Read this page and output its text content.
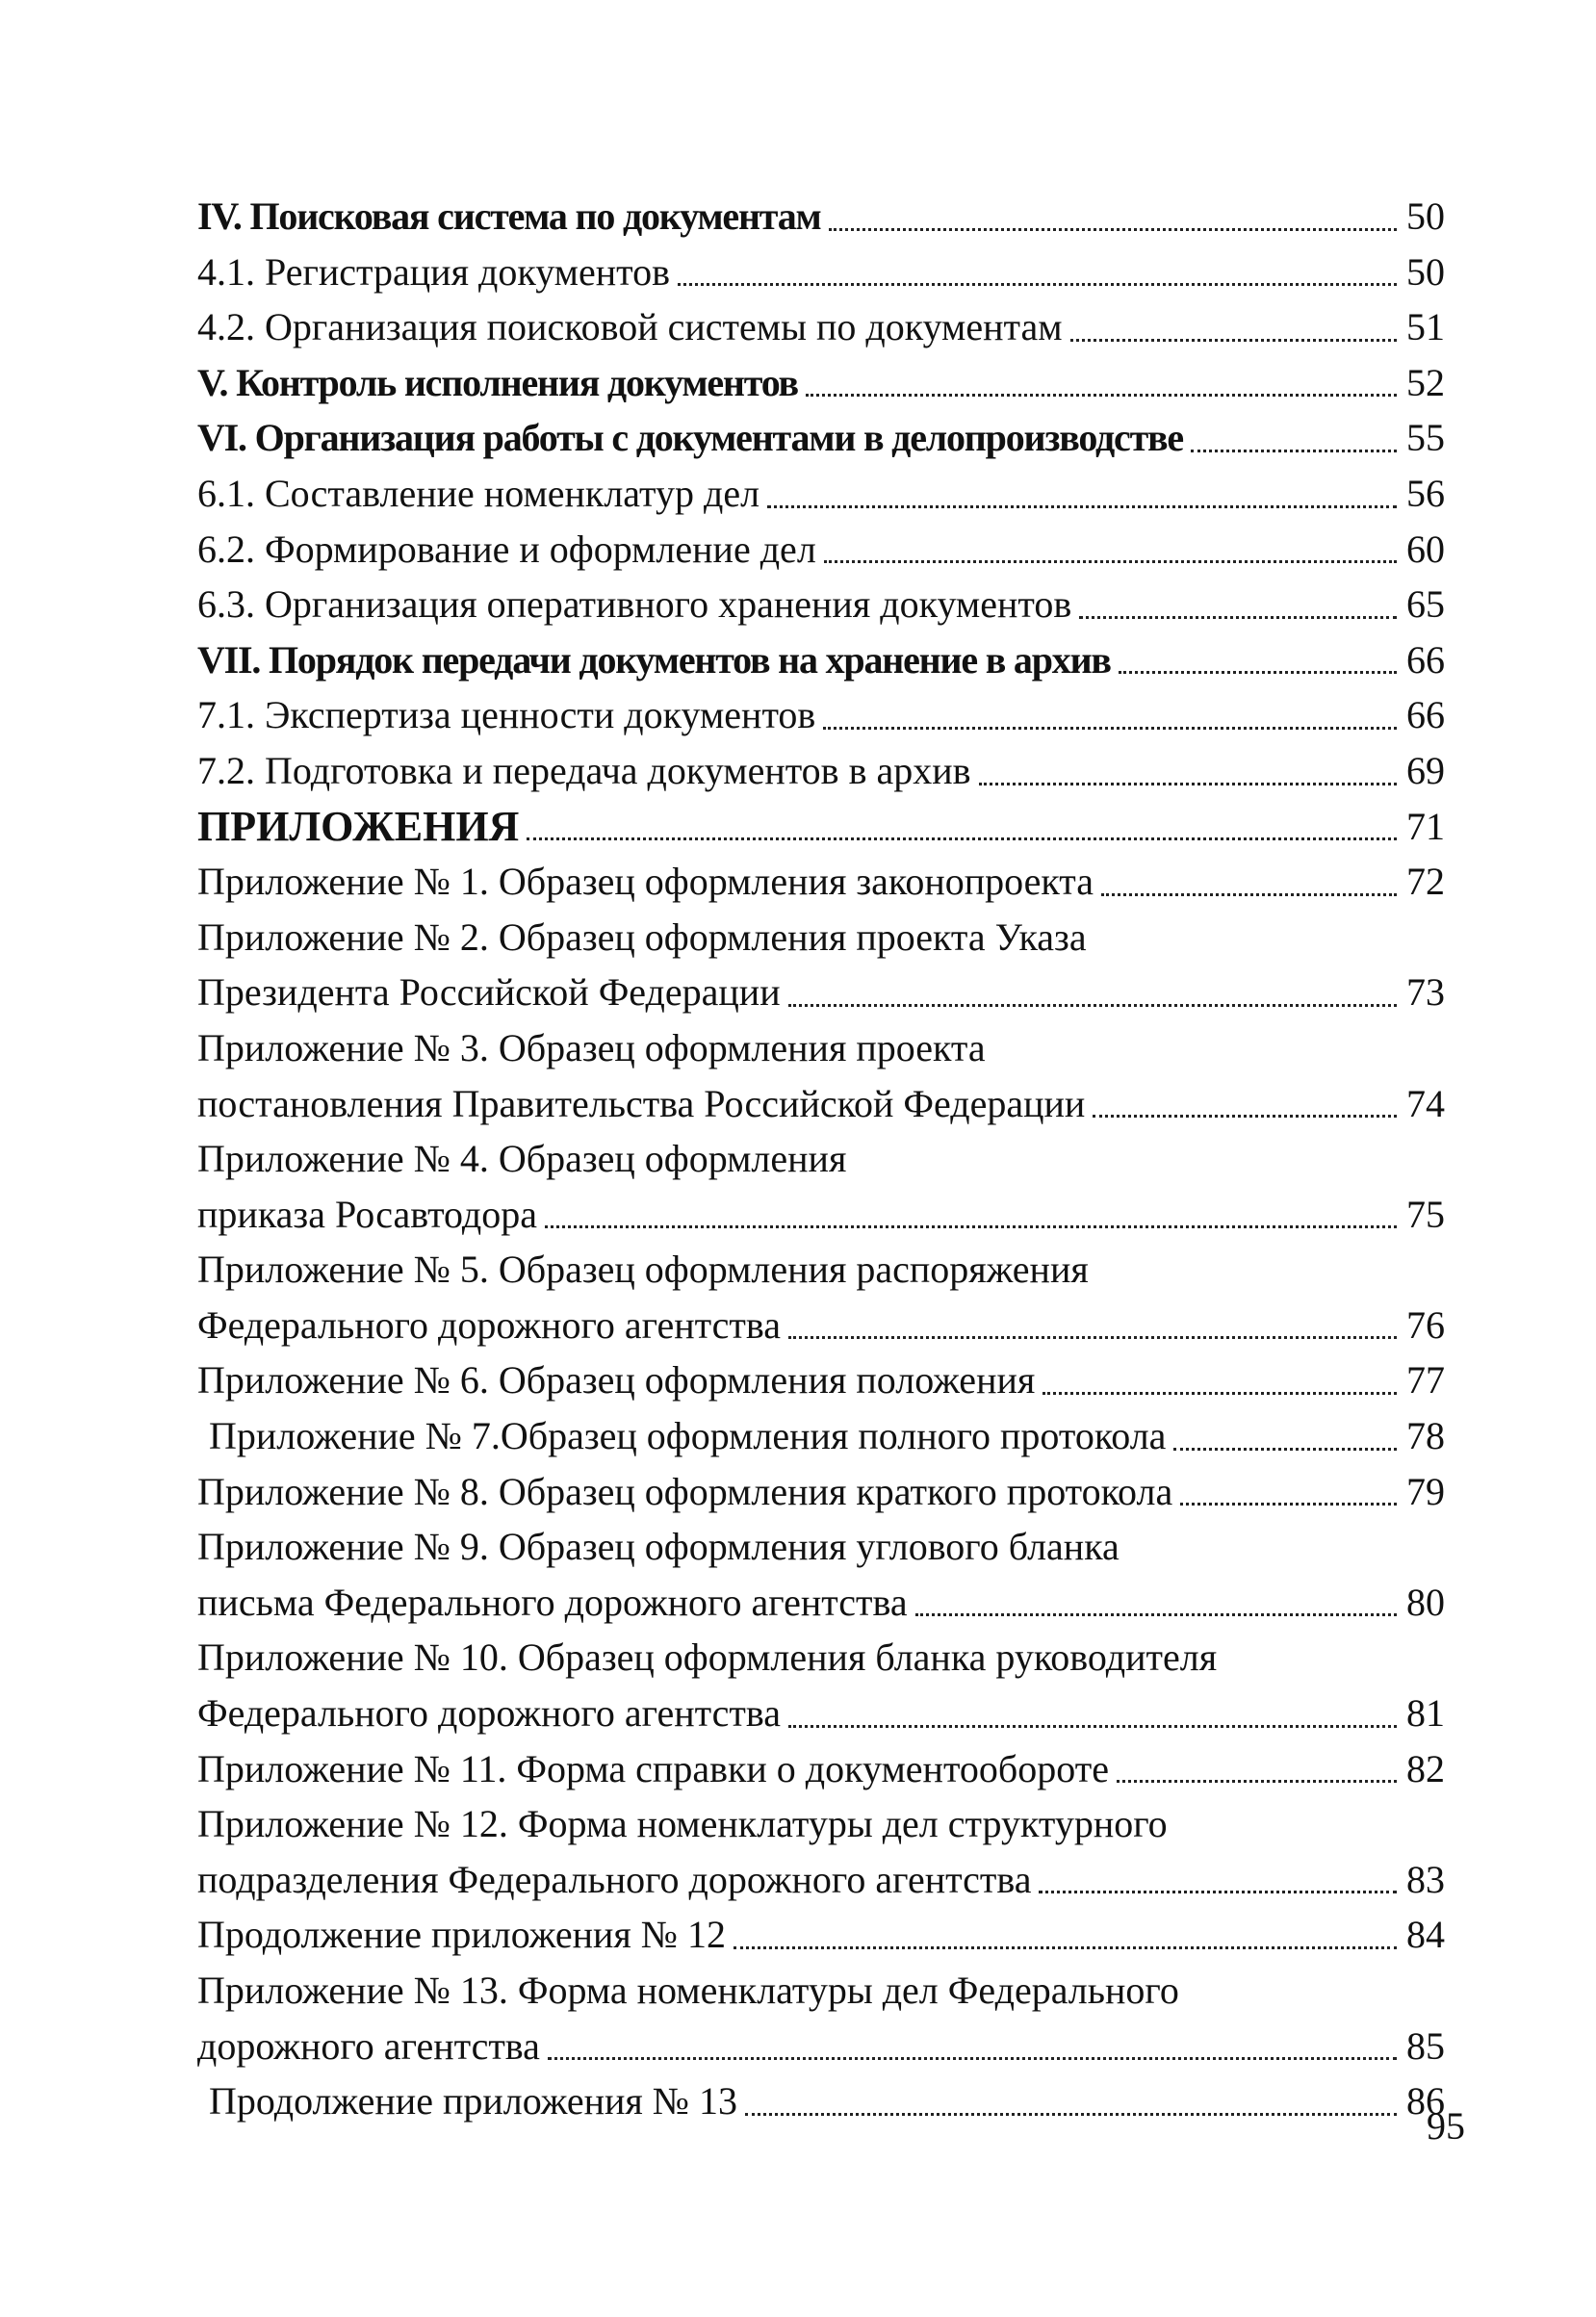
IV. Поисковая система по документам	50
4.1. Регистрация документов	50
4.2. Организация поисковой системы по документам	51
V. Контроль исполнения документов	52
VI. Организация работы с документами в делопроизводстве	55
6.1. Составление номенклатур дел	56
6.2. Формирование и оформление дел	60
6.3. Организация оперативного хранения документов	65
VII. Порядок передачи документов на хранение в архив	66
7.1. Экспертиза ценности документов	66
7.2. Подготовка и передача документов в архив	69
ПРИЛОЖЕНИЯ	71
Приложение № 1. Образец оформления законопроекта	72
Приложение № 2. Образец оформления проекта Указа
Президента Российской Федерации	73
Приложение № 3. Образец оформления проекта
постановления Правительства Российской Федерации	74
Приложение № 4. Образец оформления
приказа Росавтодора	75
Приложение № 5. Образец оформления распоряжения
Федерального дорожного агентства	76
Приложение № 6. Образец оформления положения	77
Приложение № 7.Образец оформления полного протокола	78
Приложение № 8. Образец оформления краткого протокола	79
Приложение № 9. Образец оформления углового бланка
письма Федерального дорожного агентства	80
Приложение № 10. Образец оформления бланка руководителя
Федерального дорожного агентства	81
Приложение № 11. Форма справки о документообороте	82
Приложение № 12. Форма номенклатуры дел структурного
подразделения Федерального дорожного агентства	83
Продолжение приложения № 12	84
Приложение № 13. Форма номенклатуры дел Федерального
дорожного агентства	85
Продолжение приложения № 13	86
95
